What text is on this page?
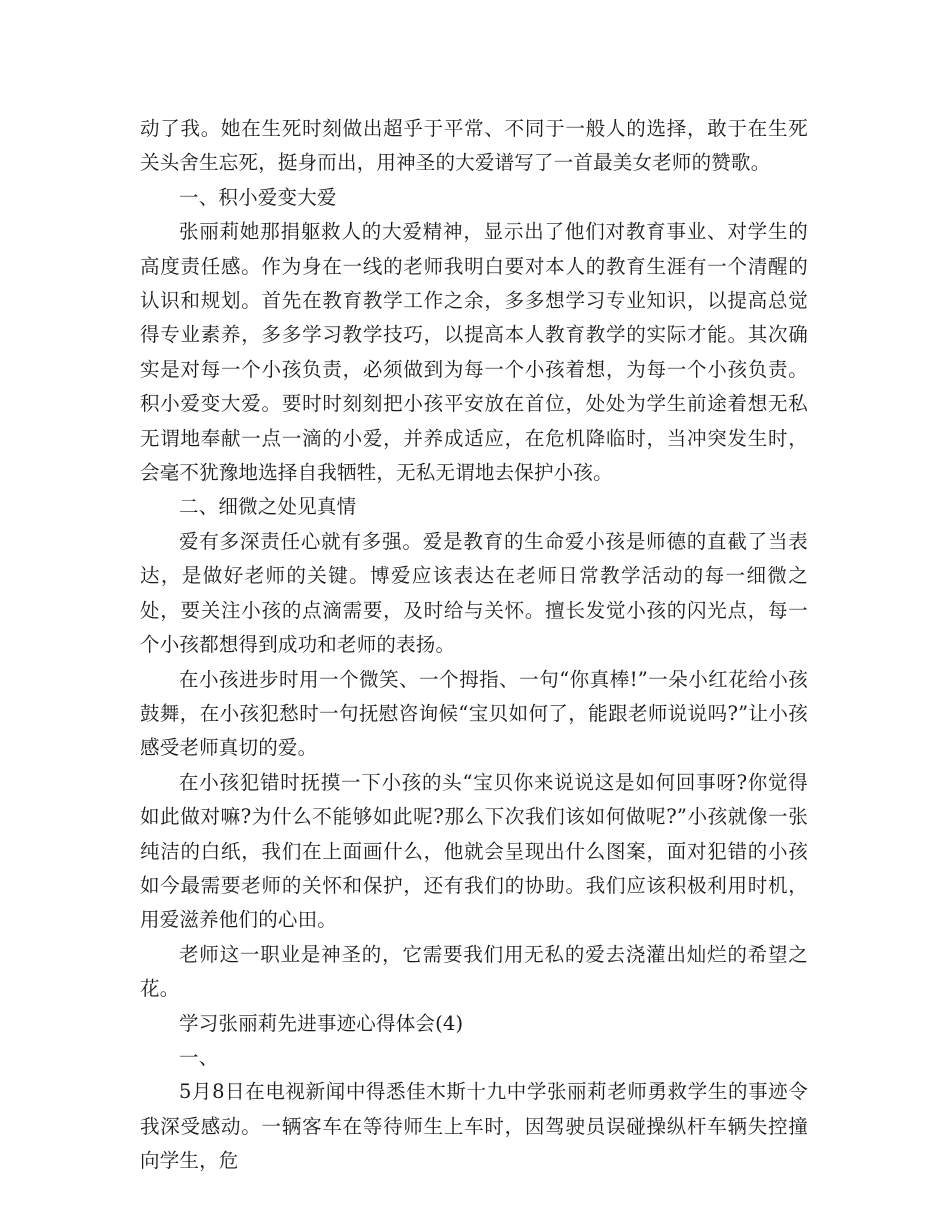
动了我。她在生死时刻做出超乎于平常、不同于一般人的选择，敢于在生死关头舍生忘死，挺身而出，用神圣的大爱谱写了一首最美女老师的赞歌。

一、积小爱变大爱

张丽莉她那捐躯救人的大爱精神，显示出了他们对教育事业、对学生的高度责任感。作为身在一线的老师我明白要对本人的教育生涯有一个清醒的认识和规划。首先在教育教学工作之余，多多想学习专业知识，以提高总觉得专业素养，多多学习教学技巧，以提高本人教育教学的实际才能。其次确实是对每一个小孩负责，必须做到为每一个小孩着想，为每一个小孩负责。积小爱变大爱。要时时刻刻把小孩平安放在首位，处处为学生前途着想无私无谓地奉献一点一滴的小爱，并养成适应，在危机降临时，当冲突发生时，会毫不犹豫地选择自我牺牲，无私无谓地去保护小孩。

二、细微之处见真情

爱有多深责任心就有多强。爱是教育的生命爱小孩是师德的直截了当表达，是做好老师的关键。博爱应该表达在老师日常教学活动的每一细微之处，要关注小孩的点滴需要，及时给与关怀。擅长发觉小孩的闪光点，每一个小孩都想得到成功和老师的表扬。

在小孩进步时用一个微笑、一个拇指、一句“你真棒!”一朵小红花给小孩鼓舞，在小孩犯愁时一句抚慰咨询候“宝贝如何了，能跟老师说说吗?”让小孩感受老师真切的爱。

在小孩犯错时抚摸一下小孩的头“宝贝你来说说这是如何回事呀?你觉得如此做对嘛?为什么不能够如此呢?那么下次我们该如何做呢?”小孩就像一张纯洁的白纸，我们在上面画什么，他就会呈现出什么图案，面对犯错的小孩如今最需要老师的关怀和保护，还有我们的协助。我们应该积极利用时机，用爱滋养他们的心田。

老师这一职业是神圣的，它需要我们用无私的爱去浇灌出灿烂的希望之花。

学习张丽莉先进事迹心得体会(4)

一、

5月8日在电视新闻中得悉佳木斯十九中学张丽莉老师勇救学生的事迹令我深受感动。一辆客车在等待师生上车时，因驾驶员误碰操纵杆车辆失控撞向学生，危
